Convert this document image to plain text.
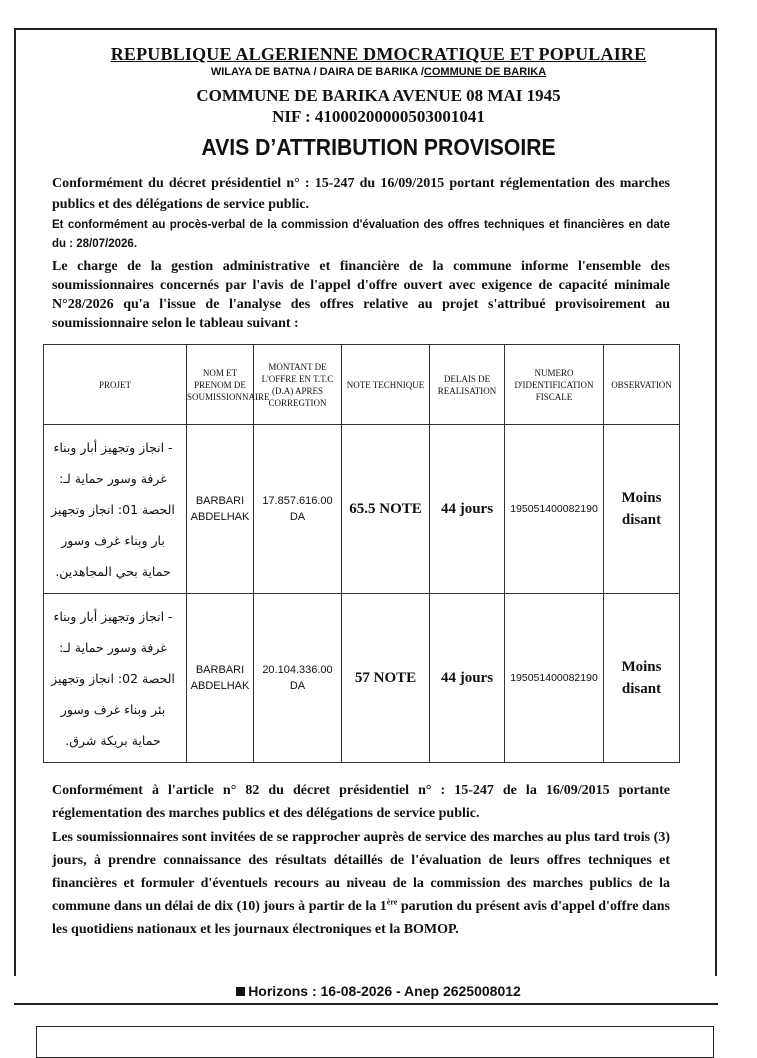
REPUBLIQUE ALGERIENNE DMOCRATIQUE ET POPULAIRE
WILAYA DE BATNA / DAIRA DE BARIKA /COMMUNE DE BARIKA
COMMUNE DE BARIKA AVENUE 08 MAI 1945
NIF : 41000200000503001041
AVIS D’ATTRIBUTION PROVISOIRE
Conformément du décret présidentiel n° : 15-247 du 16/09/2015 portant réglementation des marches publics et des délégations de service public.
Et conformément au procès-verbal de la commission d'évaluation des offres techniques et financières en date du : 28/07/2026.
Le charge de la gestion administrative et financière de la commune informe l'ensemble des soumissionnaires concernés par l'avis de l'appel d'offre ouvert avec exigence de capacité minimale N°28/2026 qu'a l'issue de l'analyse des offres relative au projet s'attribué provisoirement au soumissionnaire selon le tableau suivant :
PROJET	NOM ET PRENOM DE SOUMISSIONNAIRE	MONTANT DE L'OFFRE EN T.T.C (D.A) APRES CORREGTION	NOTE TECHNIQUE	DELAIS DE REALISATION	NUMERO D'IDENTIFICATION FISCALE	OBSERVATION
- انجاز وتجهيز أبار وبناء غرفة وسور حماية لـ: الحصة 01: انجاز وتجهيز بار وبناء غرف وسور حماية بحي المجاهدين.	BARBARI ABDELHAK	17.857.616.00 DA	65.5 NOTE	44 jours	195051400082190	Moins disant
- انجاز وتجهيز أبار وبناء غرفة وسور حماية لـ: الحصة 02: انجاز وتجهيز بئر وبناء غرف وسور حماية بريكة شرق.	BARBARI ABDELHAK	20.104.336.00 DA	57 NOTE	44 jours	195051400082190	Moins disant
Conformément à l'article n° 82 du décret présidentiel n° : 15-247 de la 16/09/2015 portante réglementation des marches publics et des délégations de service public.
Les soumissionnaires sont invitées de se rapprocher auprès de service des marches au plus tard trois (3) jours, à prendre connaissance des résultats détaillés de l'évaluation de leurs offres techniques et financières et formuler d'éventuels recours au niveau de la commission des marches publics de la commune dans un délai de dix (10) jours à partir de la 1ère parution du présent avis d'appel d'offre dans les quotidiens nationaux et les journaux électroniques et la BOMOP.
Horizons : 16-08-2026 - Anep 2625008012
